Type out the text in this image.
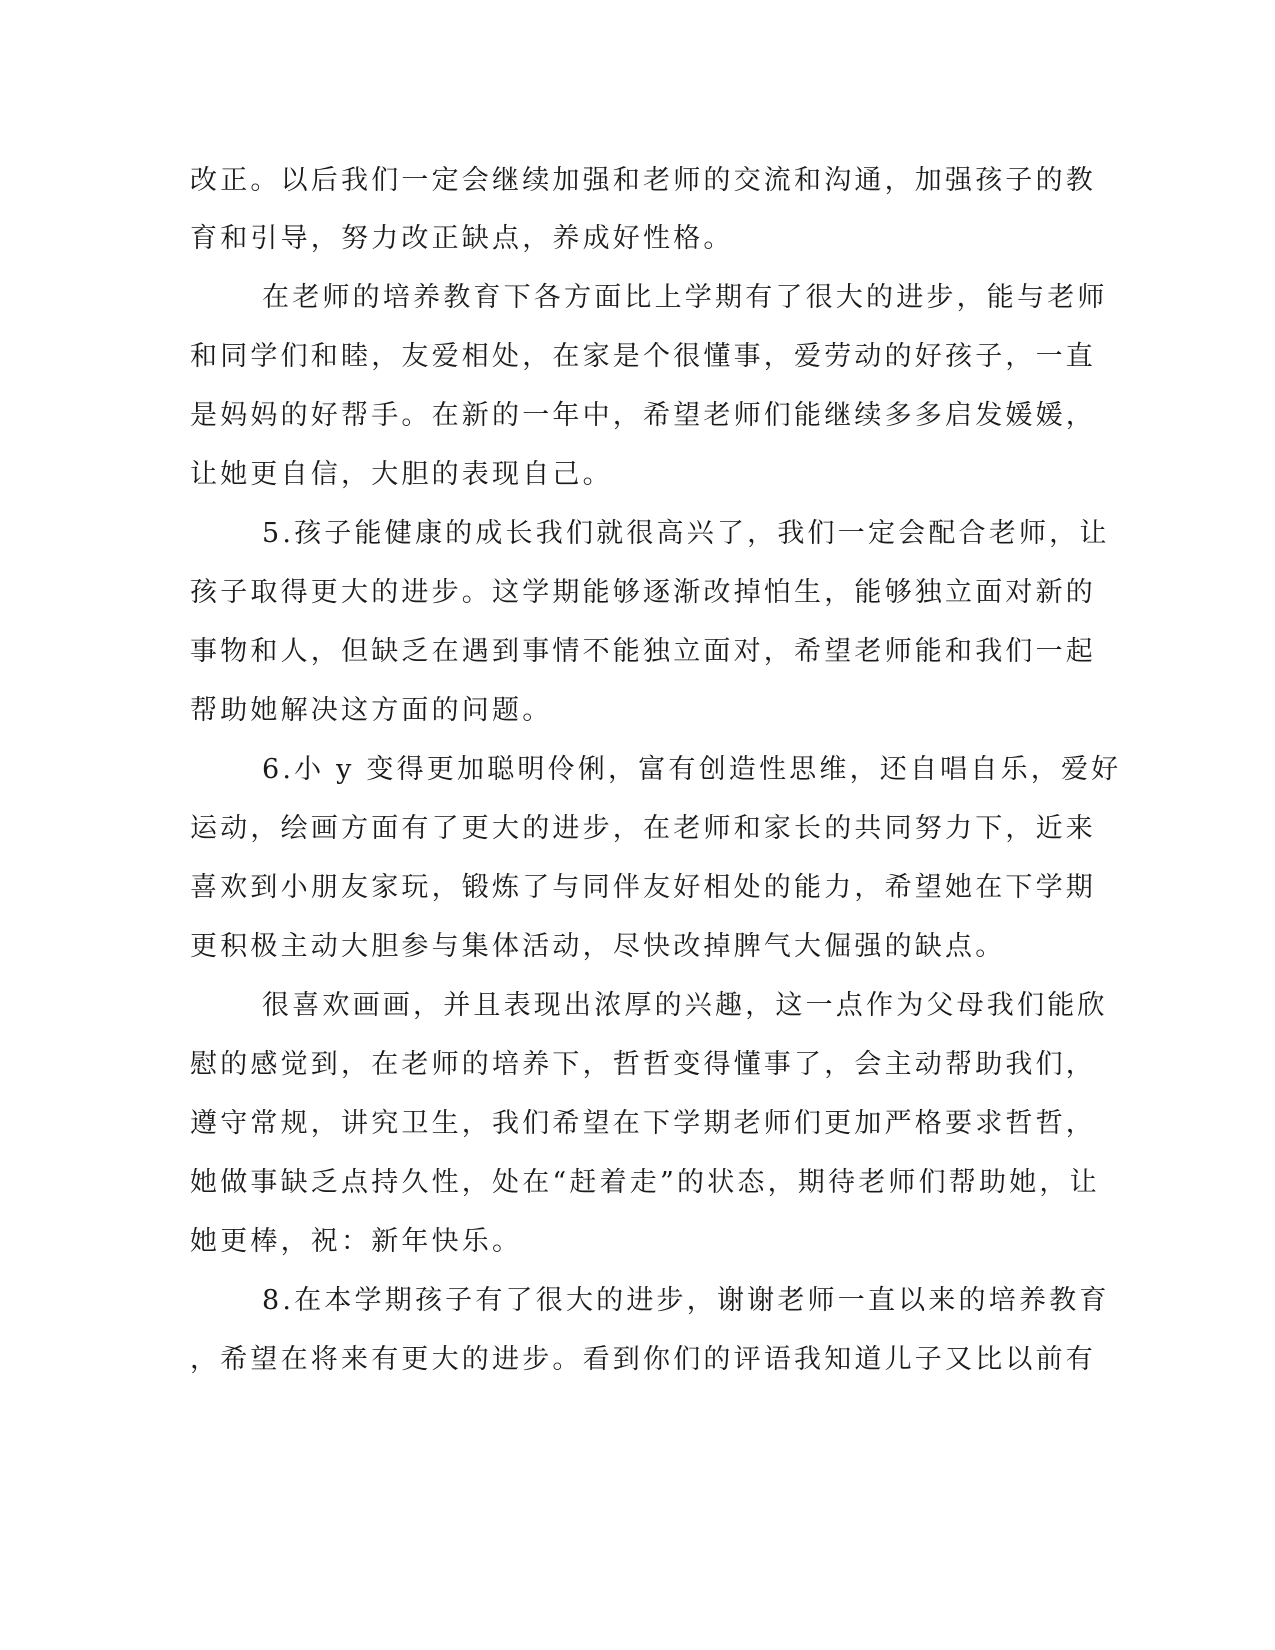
改正。以后我们一定会继续加强和老师的交流和沟通，加强孩子的教
育和引导，努力改正缺点，养成好性格。
在老师的培养教育下各方面比上学期有了很大的进步，能与老师
和同学们和睦，友爱相处，在家是个很懂事，爱劳动的好孩子，一直
是妈妈的好帮手。在新的一年中，希望老师们能继续多多启发媛媛，
让她更自信，大胆的表现自己。
5.孩子能健康的成长我们就很高兴了，我们一定会配合老师，让
孩子取得更大的进步。这学期能够逐渐改掉怕生，能够独立面对新的
事物和人，但缺乏在遇到事情不能独立面对，希望老师能和我们一起
帮助她解决这方面的问题。
6.小 y 变得更加聪明伶俐，富有创造性思维，还自唱自乐，爱好
运动，绘画方面有了更大的进步，在老师和家长的共同努力下，近来
喜欢到小朋友家玩，锻炼了与同伴友好相处的能力，希望她在下学期
更积极主动大胆参与集体活动，尽快改掉脾气大倔强的缺点。
很喜欢画画，并且表现出浓厚的兴趣，这一点作为父母我们能欣
慰的感觉到，在老师的培养下，哲哲变得懂事了，会主动帮助我们，
遵守常规，讲究卫生，我们希望在下学期老师们更加严格要求哲哲，
她做事缺乏点持久性，处在“赶着走”的状态，期待老师们帮助她，让
她更棒，祝：新年快乐。
8.在本学期孩子有了很大的进步，谢谢老师一直以来的培养教育
，希望在将来有更大的进步。看到你们的评语我知道儿子又比以前有
